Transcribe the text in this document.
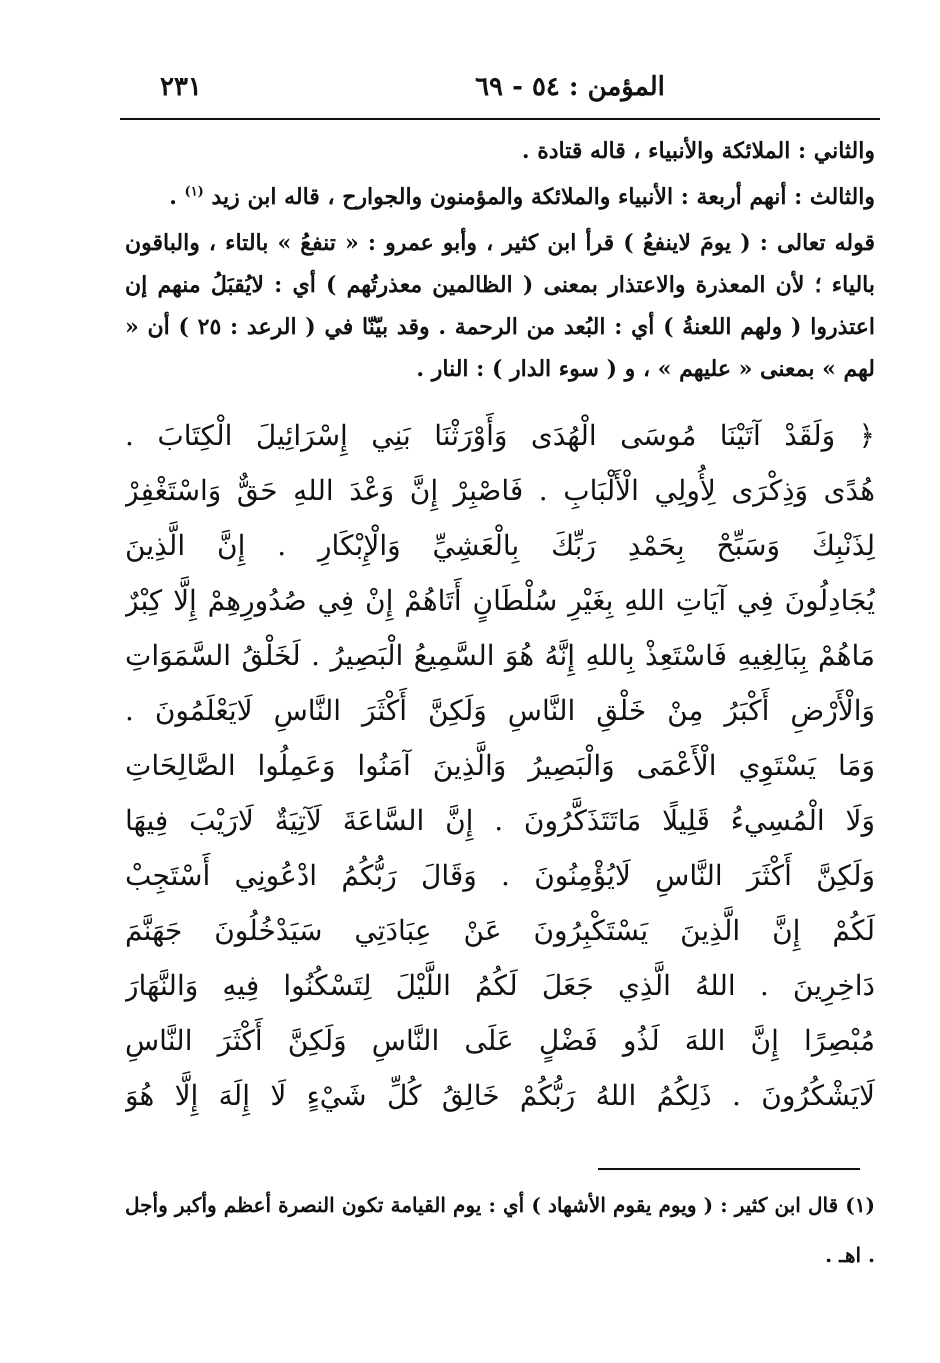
٢٣١	المؤمن : ٥٤ - ٦٩

والثاني : الملائكة والأنبياء ، قاله قتادة .

والثالث : أنهم أربعة : الأنبياء والملائكة والمؤمنون والجوارح ، قاله ابن زيد $^{(١)}$ .

قوله تعالى : ( يومَ لاينفعُ ) قرأ ابن كثير ، وأبو عمرو : « تنفعُ » بالتاء ، والباقون بالياء ؛ لأن المعذرة والاعتذار بمعنى ( الظالمين معذرتُهم ) أي : لايُقبَلُ منهم إن اعتذروا ( ولهم اللعنةُ ) أي : البُعد من الرحمة . وقد بيّنّا في ( الرعد : ٢٥ ) أن « لهم » بمعنى « عليهم » ، و ( سوء الدار ) : النار .

﴿ وَلَقَدْ آتَيْنَا مُوسَى الْهُدَى وَأَوْرَثْنَا بَنِي إِسْرَائِيلَ الْكِتَابَ .
هُدًى وَذِكْرَى لِأُولِي الْأَلْبَابِ . فَاصْبِرْ إِنَّ وَعْدَ اللهِ حَقٌّ وَاسْتَغْفِرْ
لِذَنْبِكَ وَسَبِّحْ بِحَمْدِ رَبِّكَ بِالْعَشِيِّ وَالْإِبْكَارِ . إِنَّ الَّذِينَ
يُجَادِلُونَ فِي آيَاتِ اللهِ بِغَيْرِ سُلْطَانٍ أَتَاهُمْ إِنْ فِي صُدُورِهِمْ إِلَّا كِبْرٌ
مَاهُمْ بِبَالِغِيهِ فَاسْتَعِذْ بِاللهِ إِنَّهُ هُوَ السَّمِيعُ الْبَصِيرُ . لَخَلْقُ السَّمَوَاتِ
وَالْأَرْضِ أَكْبَرُ مِنْ خَلْقِ النَّاسِ وَلَكِنَّ أَكْثَرَ النَّاسِ لَايَعْلَمُونَ .
وَمَا يَسْتَوِي الْأَعْمَى وَالْبَصِيرُ وَالَّذِينَ آمَنُوا وَعَمِلُوا الصَّالِحَاتِ
وَلَا الْمُسِيءُ قَلِيلًا مَاتَتَذَكَّرُونَ . إِنَّ السَّاعَةَ لَآتِيَةٌ لَارَيْبَ فِيهَا
وَلَكِنَّ أَكْثَرَ النَّاسِ لَايُؤْمِنُونَ . وَقَالَ رَبُّكُمُ ادْعُونِي أَسْتَجِبْ
لَكُمْ إِنَّ الَّذِينَ يَسْتَكْبِرُونَ عَنْ عِبَادَتِي سَيَدْخُلُونَ جَهَنَّمَ
دَاخِرِينَ . اللهُ الَّذِي جَعَلَ لَكُمُ اللَّيْلَ لِتَسْكُنُوا فِيهِ وَالنَّهَارَ
مُبْصِرًا إِنَّ اللهَ لَذُو فَضْلٍ عَلَى النَّاسِ وَلَكِنَّ أَكْثَرَ النَّاسِ
لَايَشْكُرُونَ . ذَلِكُمُ اللهُ رَبُّكُمْ خَالِقُ كُلِّ شَيْءٍ لَا إِلَهَ إِلَّا هُوَ

(١) قال ابن كثير : ( ويوم يقوم الأشهاد ) أي : يوم القيامة تكون النصرة أعظم وأكبر وأجل . اهـ .
